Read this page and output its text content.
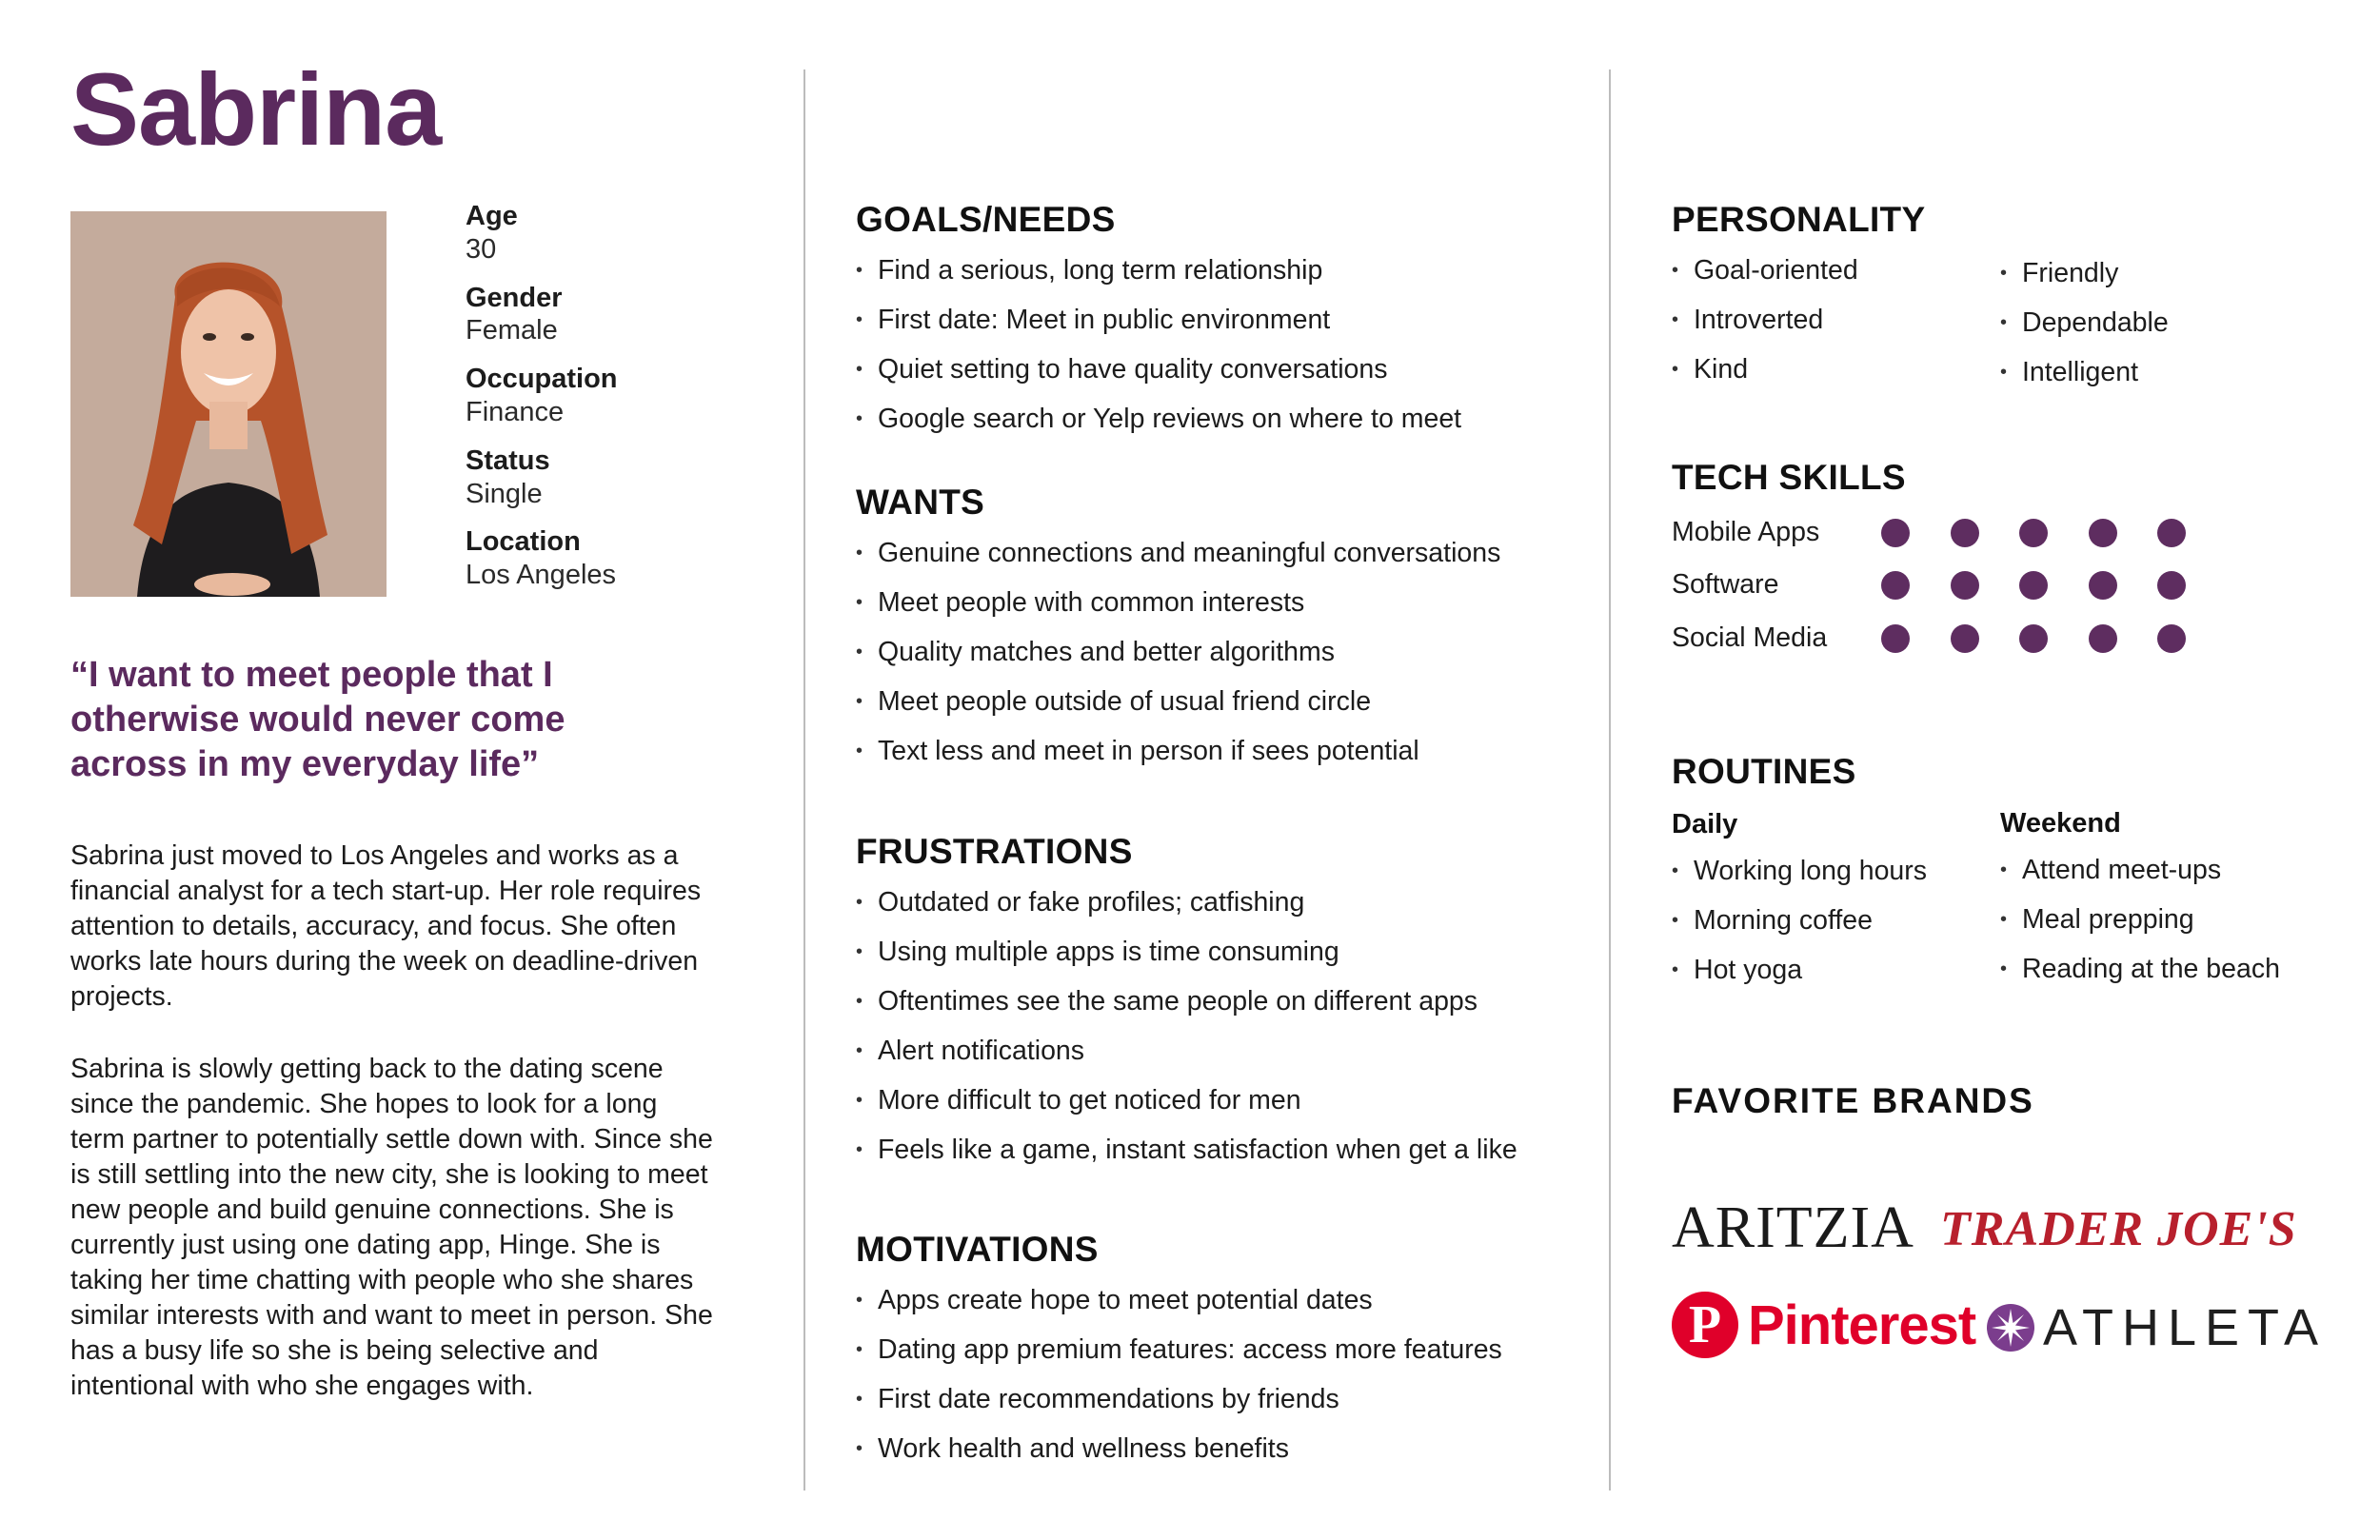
Sabrina
Age
30
Gender
Female
Occupation
Finance
Status
Single
Location
Los Angeles
“I want to meet people that I otherwise would never come across in my everyday life”
Sabrina just moved to Los Angeles and works as a financial analyst for a tech start-up. Her role requires attention to details, accuracy, and focus. She often works late hours during the week on deadline-driven projects.
Sabrina is slowly getting back to the dating scene since the pandemic. She hopes to look for a long term partner to potentially settle down with. Since she is still settling into the new city, she is looking to meet new people and build genuine connections. She is currently just using one dating app, Hinge. She is taking her time chatting with people who she shares similar interests with and want to meet in person. She has a busy life so she is being selective and intentional with who she engages with.
GOALS/NEEDS
• Find a serious, long term relationship
• First date: Meet in public environment
• Quiet setting to have quality conversations
• Google search or Yelp reviews on where to meet
WANTS
• Genuine connections and meaningful conversations
• Meet people with common interests
• Quality matches and better algorithms
• Meet people outside of usual friend circle
• Text less and meet in person if sees potential
FRUSTRATIONS
• Outdated or fake profiles; catfishing
• Using multiple apps is time consuming
• Oftentimes see the same people on different apps
• Alert notifications
• More difficult to get noticed for men
• Feels like a game, instant satisfaction when get a like
MOTIVATIONS
• Apps create hope to meet potential dates
• Dating app premium features: access more features
• First date recommendations by friends
• Work health and wellness benefits
PERSONALITY
• Goal-oriented
• Introverted
• Kind
• Friendly
• Dependable
• Intelligent
TECH SKILLS
Mobile Apps
Software
Social Media
ROUTINES
Daily
• Working long hours
• Morning coffee
• Hot yoga
Weekend
• Attend meet-ups
• Meal prepping
• Reading at the beach
FAVORITE BRANDS
ARITZIA TRADER JOE'S
P Pinterest ATHLETA
